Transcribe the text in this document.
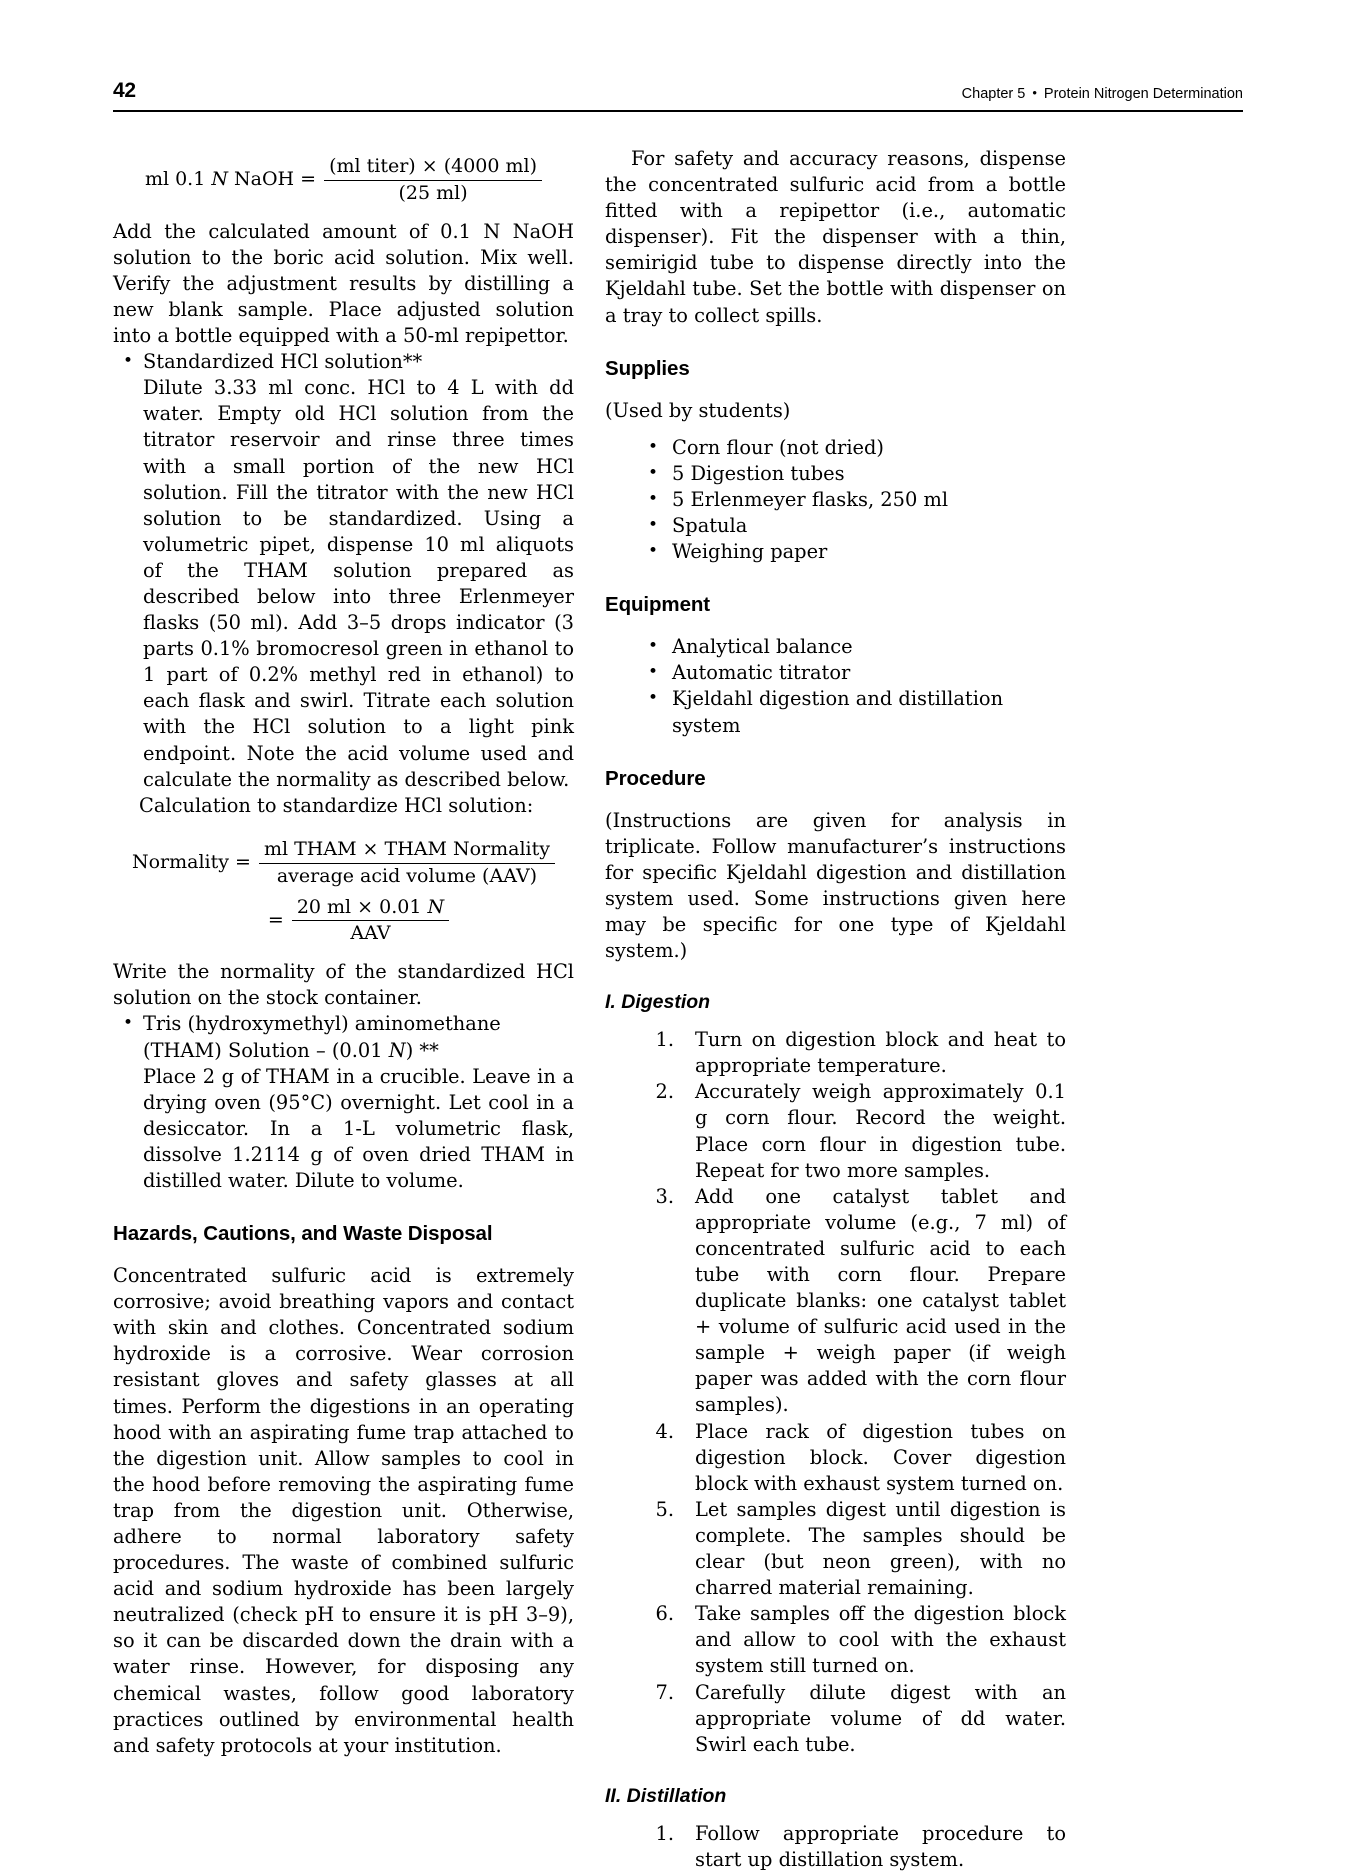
42	Chapter 5 • Protein Nitrogen Determination
ml 0.1 N NaOH = $\frac{\text{(ml titer) × (4000 ml)}}{(25 ml)}$

Add the calculated amount of 0.1 N NaOH solution to the boric acid solution. Mix well. Verify the adjustment results by distilling a new blank sample. Place adjusted solution into a bottle equipped with a 50-ml repipettor.

• Standardized HCl solution**
Dilute 3.33 ml conc. HCl to 4 L with dd water. Empty old HCl solution from the titrator reservoir and rinse three times with a small portion of the new HCl solution. Fill the titrator with the new HCl solution to be standardized. Using a volumetric pipet, dispense 10 ml aliquots of the THAM solution prepared as described below into three Erlenmeyer flasks (50 ml). Add 3–5 drops indicator (3 parts 0.1% bromocresol green in ethanol to 1 part of 0.2% methyl red in ethanol) to each flask and swirl. Titrate each solution with the HCl solution to a light pink endpoint. Note the acid volume used and calculate the normality as described below.

Calculation to standardize HCl solution:

Normality = $\frac{\text{ml THAM × THAM Normality}}{\text{average acid volume (AAV)}}$
= $\frac{20 ml \times 0.01 N}{\text{AAV}}$

Write the normality of the standardized HCl solution on the stock container.

• Tris (hydroxymethyl) aminomethane (THAM) Solution – (0.01 N) **
Place 2 g of THAM in a crucible. Leave in a drying oven (95°C) overnight. Let cool in a desiccator. In a 1-L volumetric flask, dissolve 1.2114 g of oven dried THAM in distilled water. Dilute to volume.
Hazards, Cautions, and Waste Disposal

Concentrated sulfuric acid is extremely corrosive; avoid breathing vapors and contact with skin and clothes. Concentrated sodium hydroxide is a corrosive. Wear corrosion resistant gloves and safety glasses at all times. Perform the digestions in an operating hood with an aspirating fume trap attached to the digestion unit. Allow samples to cool in the hood before removing the aspirating fume trap from the digestion unit. Otherwise, adhere to normal laboratory safety procedures. The waste of combined sulfuric acid and sodium hydroxide has been largely neutralized (check pH to ensure it is pH 3–9), so it can be discarded down the drain with a water rinse. However, for disposing any chemical wastes, follow good laboratory practices outlined by environmental health and safety protocols at your institution.

For safety and accuracy reasons, dispense the concentrated sulfuric acid from a bottle fitted with a repipettor (i.e., automatic dispenser). Fit the dispenser with a thin, semirigid tube to dispense directly into the Kjeldahl tube. Set the bottle with dispenser on a tray to collect spills.

Supplies

(Used by students)

• Corn flour (not dried)
• 5 Digestion tubes
• 5 Erlenmeyer flasks, 250 ml
• Spatula
• Weighing paper
Equipment
• Analytical balance
• Automatic titrator
• Kjeldahl digestion and distillation system
Procedure

(Instructions are given for analysis in triplicate. Follow manufacturer’s instructions for specific Kjeldahl digestion and distillation system used. Some instructions given here may be specific for one type of Kjeldahl system.)

I. Digestion
1. Turn on digestion block and heat to appropriate temperature.
2. Accurately weigh approximately 0.1 g corn flour. Record the weight. Place corn flour in digestion tube. Repeat for two more samples.
3. Add one catalyst tablet and appropriate volume (e.g., 7 ml) of concentrated sulfuric acid to each tube with corn flour. Prepare duplicate blanks: one catalyst tablet + volume of sulfuric acid used in the sample + weigh paper (if weigh paper was added with the corn flour samples).
4. Place rack of digestion tubes on digestion block. Cover digestion block with exhaust system turned on.
5. Let samples digest until digestion is complete. The samples should be clear (but neon green), with no charred material remaining.
6. Take samples off the digestion block and allow to cool with the exhaust system still turned on.
7. Carefully dilute digest with an appropriate volume of dd water. Swirl each tube.
II. Distillation
1. Follow appropriate procedure to start up distillation system.
